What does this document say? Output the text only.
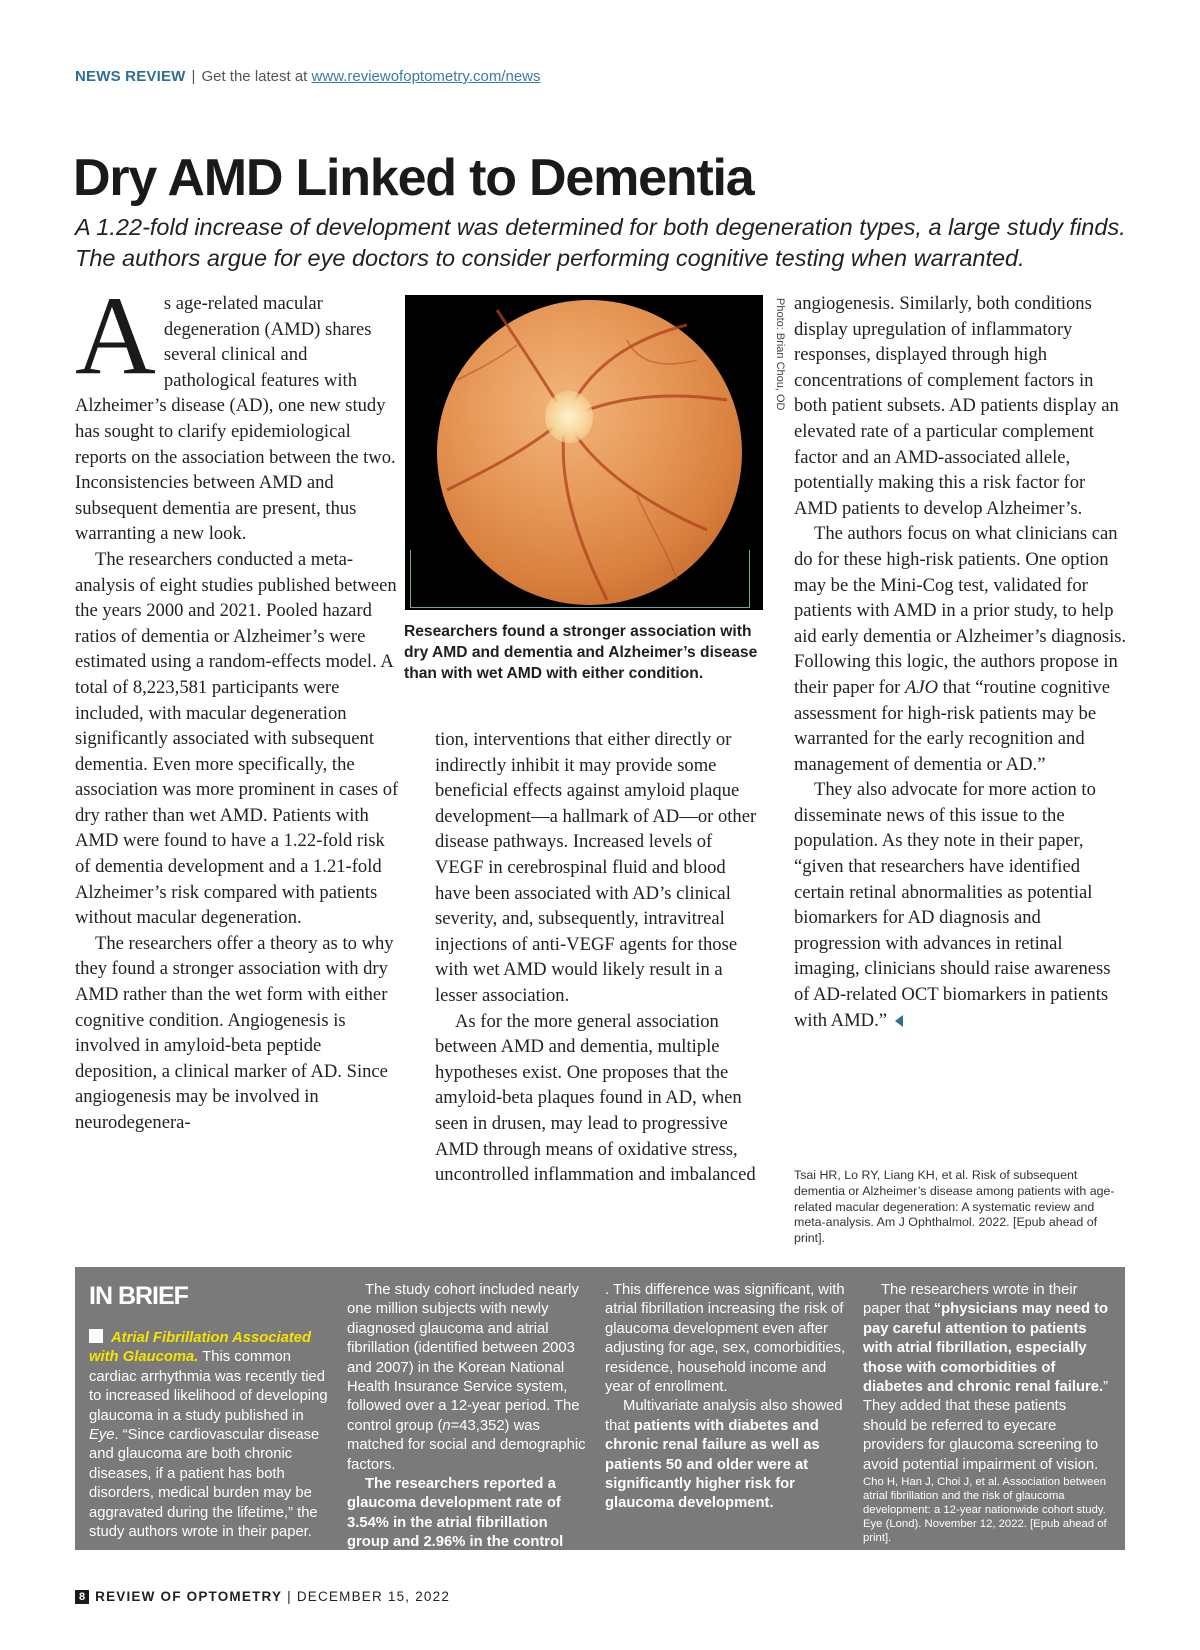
NEWS REVIEW | Get the latest at www.reviewofoptometry.com/news
Dry AMD Linked to Dementia

A 1.22-fold increase of development was determined for both degeneration types, a large study finds. The authors argue for eye doctors to consider performing cognitive testing when warranted.

As age-related macular degeneration (AMD) shares several clinical and pathological features with Alzheimer’s disease (AD), one new study has sought to clarify epidemiological reports on the association between the two. Inconsistencies between AMD and subsequent dementia are present, thus warranting a new look.

The researchers conducted a meta-analysis of eight studies published between the years 2000 and 2021. Pooled hazard ratios of dementia or Alzheimer’s were estimated using a random-effects model. A total of 8,223,581 participants were included, with macular degeneration significantly associated with subsequent dementia. Even more specifically, the association was more prominent in cases of dry rather than wet AMD. Patients with AMD were found to have a 1.22-fold risk of dementia development and a 1.21-fold Alzheimer’s risk compared with patients without macular degeneration.

The researchers offer a theory as to why they found a stronger association with dry AMD rather than the wet form with either cognitive condition. Angiogenesis is involved in amyloid-beta peptide deposition, a clinical marker of AD. Since angiogenesis may be involved in neurodegenera-

Photo: Brian Chou, OD
Researchers found a stronger association with dry AMD and dementia and Alzheimer’s disease than with wet AMD with either condition.

tion, interventions that either directly or indirectly inhibit it may provide some beneficial effects against amyloid plaque development—a hallmark of AD—or other disease pathways. Increased levels of VEGF in cerebrospinal fluid and blood have been associated with AD’s clinical severity, and, subsequently, intravitreal injections of anti-VEGF agents for those with wet AMD would likely result in a lesser association.

As for the more general association between AMD and dementia, multiple hypotheses exist. One proposes that the amyloid-beta plaques found in AD, when seen in drusen, may lead to progressive AMD through means of oxidative stress, uncontrolled inflammation and imbalanced

angiogenesis. Similarly, both conditions display upregulation of inflammatory responses, displayed through high concentrations of complement factors in both patient subsets. AD patients display an elevated rate of a particular complement factor and an AMD-associated allele, potentially making this a risk factor for AMD patients to develop Alzheimer’s.

The authors focus on what clinicians can do for these high-risk patients. One option may be the Mini-Cog test, validated for patients with AMD in a prior study, to help aid early dementia or Alzheimer’s diagnosis. Following this logic, the authors propose in their paper for AJO that “routine cognitive assessment for high-risk patients may be warranted for the early recognition and management of dementia or AD.”

They also advocate for more action to disseminate news of this issue to the population. As they note in their paper, “given that researchers have identified certain retinal abnormalities as potential biomarkers for AD diagnosis and progression with advances in retinal imaging, clinicians should raise awareness of AD-related OCT biomarkers in patients with AMD.”

Tsai HR, Lo RY, Liang KH, et al. Risk of subsequent dementia or Alzheimer’s disease among patients with age-related macular degeneration: A systematic review and meta-analysis. Am J Ophthalmol. 2022. [Epub ahead of print].
IN BRIEF

Atrial Fibrillation Associated with Glaucoma. This common cardiac arrhythmia was recently tied to increased likelihood of developing glaucoma in a study published in Eye. “Since cardiovascular disease and glaucoma are both chronic diseases, if a patient has both disorders, medical burden may be aggravated during the lifetime,” the study authors wrote in their paper.

The study cohort included nearly one million subjects with newly diagnosed glaucoma and atrial fibrillation (identified between 2003 and 2007) in the Korean National Health Insurance Service system, followed over a 12-year period. The control group (n=43,352) was matched for social and demographic factors.

The researchers reported a glaucoma development rate of 3.54% in the atrial fibrillation group and 2.96% in the control group

. This difference was significant, with atrial fibrillation increasing the risk of glaucoma development even after adjusting for age, sex, comorbidities, residence, household income and year of enrollment.

Multivariate analysis also showed that patients with diabetes and chronic renal failure as well as patients 50 and older were at significantly higher risk for glaucoma development.

The researchers wrote in their paper that “physicians may need to pay careful attention to patients with atrial fibrillation, especially those with comorbidities of diabetes and chronic renal failure.” They added that these patients should be referred to eyecare providers for glaucoma screening to avoid potential impairment of vision.

Cho H, Han J, Choi J, et al. Association between atrial fibrillation and the risk of glaucoma development: a 12-year nationwide cohort study. Eye (Lond). November 12, 2022. [Epub ahead of print].

8 REVIEW OF OPTOMETRY | DECEMBER 15, 2022
